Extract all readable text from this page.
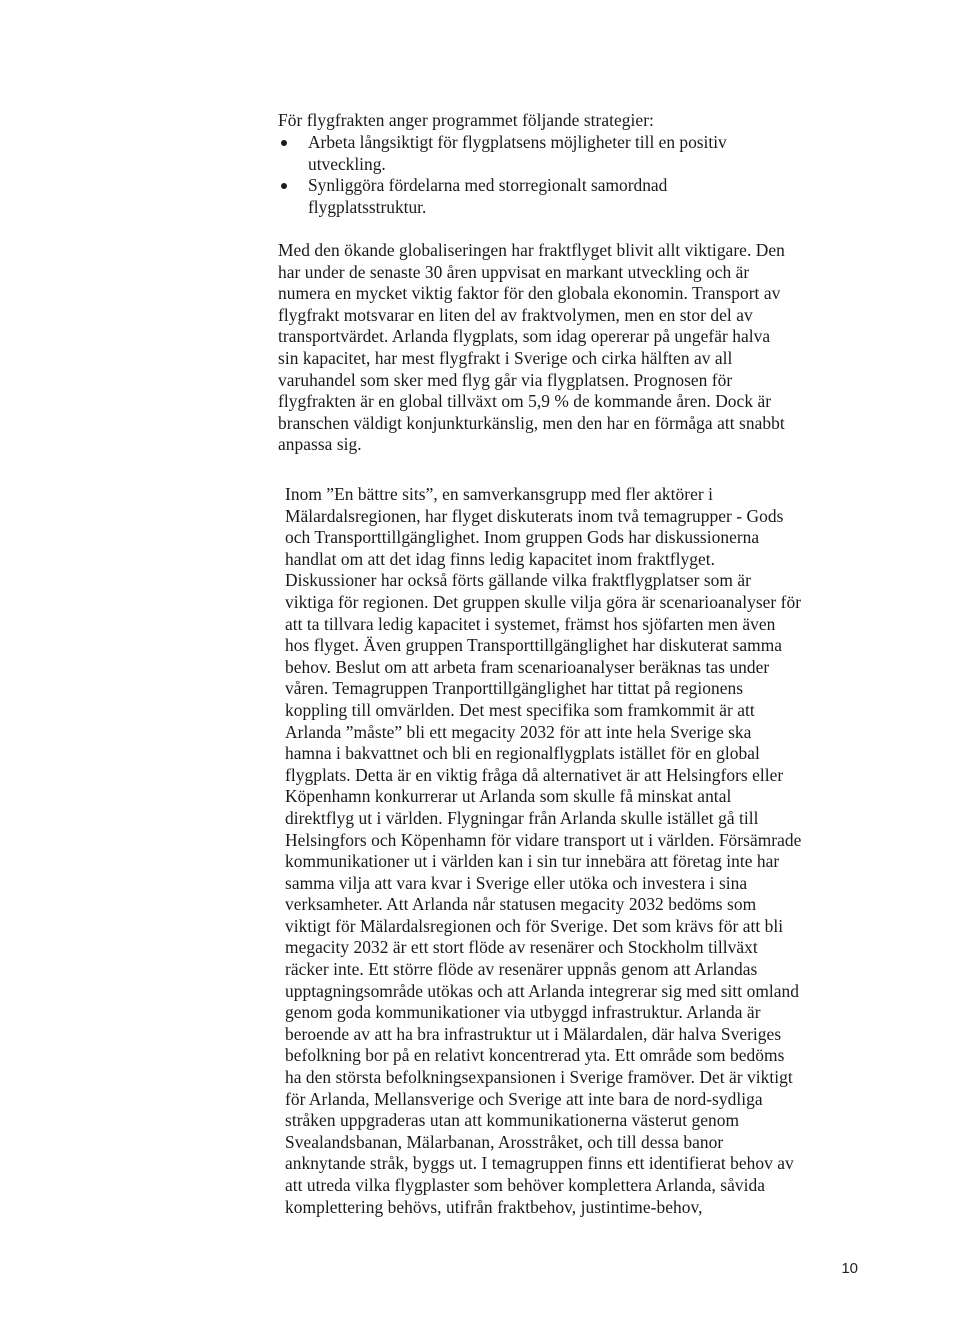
För flygfrakten anger programmet följande strategier:
Arbeta långsiktigt för flygplatsens möjligheter till en positiv
utveckling.
Synliggöra fördelarna med storregionalt samordnad
flygplatsstruktur.
Med den ökande globaliseringen har fraktflyget blivit allt viktigare. Den
har under de senaste 30 åren uppvisat en markant utveckling och är
numera en mycket viktig faktor för den globala ekonomin. Transport av
flygfrakt motsvarar en liten del av fraktvolymen, men en stor del av
transportvärdet. Arlanda flygplats, som idag opererar på ungefär halva
sin kapacitet, har mest flygfrakt i Sverige och cirka hälften av all
varuhandel som sker med flyg går via flygplatsen. Prognosen för
flygfrakten är en global tillväxt om 5,9 % de kommande åren. Dock är
branschen väldigt konjunkturkänslig, men den har en förmåga att snabbt
anpassa sig.
Inom ”En bättre sits”, en samverkansgrupp med fler aktörer i
Mälardalsregionen, har flyget diskuterats inom två temagrupper - Gods
och Transporttillgänglighet. Inom gruppen Gods har diskussionerna
handlat om att det idag finns ledig kapacitet inom fraktflyget.
Diskussioner har också förts gällande vilka fraktflygplatser som är
viktiga för regionen. Det gruppen skulle vilja göra är scenarioanalyser för
att ta tillvara ledig kapacitet i systemet, främst hos sjöfarten men även
hos flyget. Även gruppen Transporttillgänglighet har diskuterat samma
behov. Beslut om att arbeta fram scenarioanalyser beräknas tas under
våren. Temagruppen Tranporttillgänglighet har tittat på regionens
koppling till omvärlden. Det mest specifika som framkommit är att
Arlanda ”måste” bli ett megacity 2032 för att inte hela Sverige ska
hamna i bakvattnet och bli en regionalflygplats istället för en global
flygplats. Detta är en viktig fråga då alternativet är att Helsingfors eller
Köpenhamn konkurrerar ut Arlanda som skulle få minskat antal
direktflyg ut i världen. Flygningar från Arlanda skulle istället gå till
Helsingfors och Köpenhamn för vidare transport ut i världen. Försämrade
kommunikationer ut i världen kan i sin tur innebära att företag inte har
samma vilja att vara kvar i Sverige eller utöka och investera i sina
verksamheter. Att Arlanda når statusen megacity 2032 bedöms som
viktigt för Mälardalsregionen och för Sverige. Det som krävs för att bli
megacity 2032 är ett stort flöde av resenärer och Stockholm tillväxt
räcker inte. Ett större flöde av resenärer uppnås genom att Arlandas
upptagningsområde utökas och att Arlanda integrerar sig med sitt omland
genom goda kommunikationer via utbyggd infrastruktur. Arlanda är
beroende av att ha bra infrastruktur ut i Mälardalen, där halva Sveriges
befolkning bor på en relativt koncentrerad yta. Ett område som bedöms
ha den största befolkningsexpansionen i Sverige framöver. Det är viktigt
för Arlanda, Mellansverige och Sverige att inte bara de nord-sydliga
stråken uppgraderas utan att kommunikationerna västerut genom
Svealandsbanan, Mälarbanan, Arosstråket, och till dessa banor
anknytande stråk, byggs ut. I temagruppen finns ett identifierat behov av
att utreda vilka flygplaster som behöver komplettera Arlanda, såvida
komplettering behövs, utifrån fraktbehov, justintime-behov,
10
